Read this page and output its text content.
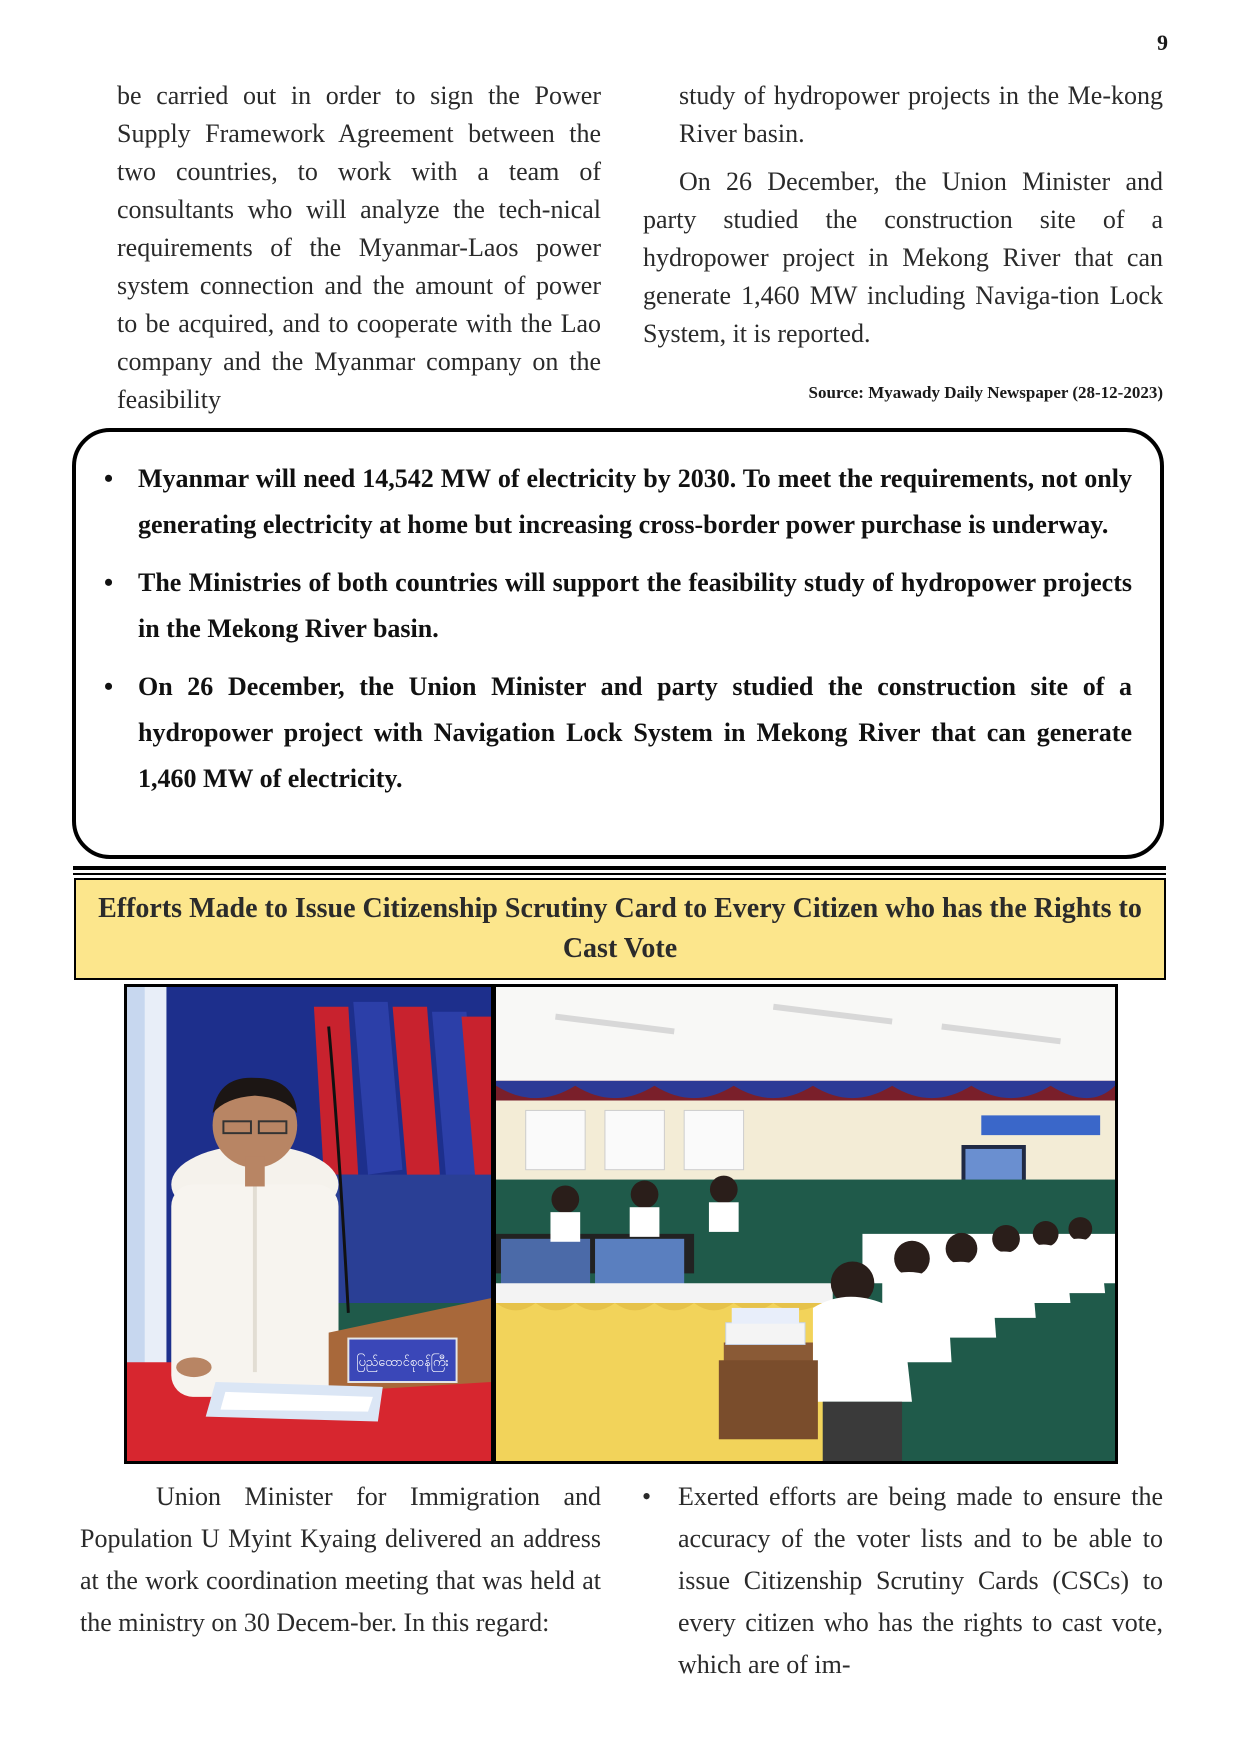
9

be carried out in order to sign the Power Supply Framework Agreement between the two countries, to work with a team of consultants who will analyze the tech-nical requirements of the Myanmar-Laos power system connection and the amount of power to be acquired, and to cooperate with the Lao company and the Myanmar company on the feasibility

study of hydropower projects in the Me-kong River basin.

On 26 December, the Union Minister and party studied the construction site of a hydropower project in Mekong River that can generate 1,460 MW including Naviga-tion Lock System, it is reported.

Source: Myawady Daily Newspaper (28-12-2023)
• Myanmar will need 14,542 MW of electricity by 2030. To meet the requirements, not only generating electricity at home but increasing cross-border power purchase is underway.
• The Ministries of both countries will support the feasibility study of hydropower projects in the Mekong River basin.
• On 26 December, the Union Minister and party studied the construction site of a hydropower project with Navigation Lock System in Mekong River that can generate 1,460 MW of electricity.
Efforts Made to Issue Citizenship Scrutiny Card to Every Citizen who has the Rights to Cast Vote
ပြည်ထောင်စုဝန်ကြီး

Union Minister for Immigration and Population U Myint Kyaing delivered an address at the work coordination meeting that was held at the ministry on 30 Decem-ber. In this regard:

• Exerted efforts are being made to ensure the accuracy of the voter lists and to be able to issue Citizenship Scrutiny Cards (CSCs) to every citizen who has the rights to cast vote, which are of im-
